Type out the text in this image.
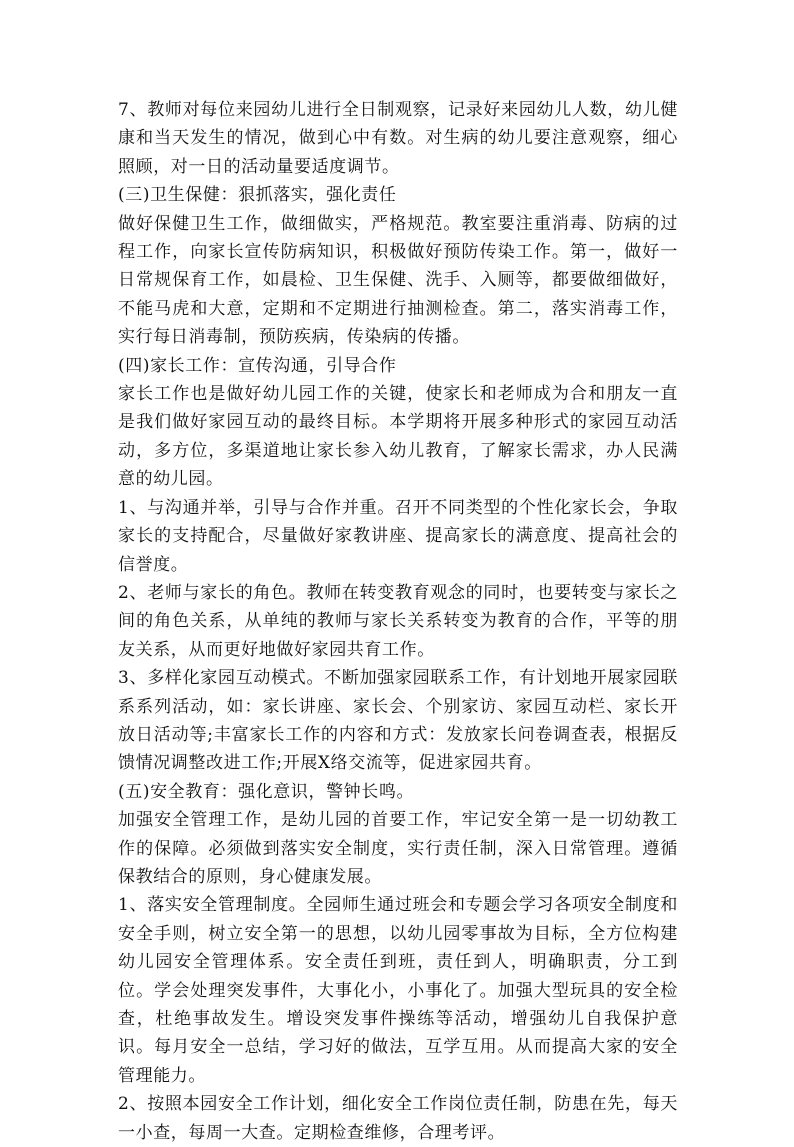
7、教师对每位来园幼儿进行全日制观察，记录好来园幼儿人数，幼儿健康和当天发生的情况，做到心中有数。对生病的幼儿要注意观察，细心照顾，对一日的活动量要适度调节。

(三)卫生保健：狠抓落实，强化责任

做好保健卫生工作，做细做实，严格规范。教室要注重消毒、防病的过程工作，向家长宣传防病知识，积极做好预防传染工作。第一，做好一日常规保育工作，如晨检、卫生保健、洗手、入厕等，都要做细做好，不能马虎和大意，定期和不定期进行抽测检查。第二，落实消毒工作，实行每日消毒制，预防疾病，传染病的传播。

(四)家长工作：宣传沟通，引导合作

家长工作也是做好幼儿园工作的关键，使家长和老师成为合和朋友一直是我们做好家园互动的最终目标。本学期将开展多种形式的家园互动活动，多方位，多渠道地让家长参入幼儿教育，了解家长需求，办人民满意的幼儿园。

1、与沟通并举，引导与合作并重。召开不同类型的个性化家长会，争取家长的支持配合，尽量做好家教讲座、提高家长的满意度、提高社会的信誉度。

2、老师与家长的角色。教师在转变教育观念的同时，也要转变与家长之间的角色关系，从单纯的教师与家长关系转变为教育的合作，平等的朋友关系，从而更好地做好家园共育工作。

3、多样化家园互动模式。不断加强家园联系工作，有计划地开展家园联系系列活动，如：家长讲座、家长会、个别家访、家园互动栏、家长开放日活动等;丰富家长工作的内容和方式：发放家长问卷调查表，根据反馈情况调整改进工作;开展X络交流等，促进家园共育。

(五)安全教育：强化意识，警钟长鸣。

加强安全管理工作，是幼儿园的首要工作，牢记安全第一是一切幼教工作的保障。必须做到落实安全制度，实行责任制，深入日常管理。遵循保教结合的原则，身心健康发展。

1、落实安全管理制度。全园师生通过班会和专题会学习各项安全制度和安全手则，树立安全第一的思想，以幼儿园零事故为目标，全方位构建幼儿园安全管理体系。安全责任到班，责任到人，明确职责，分工到位。学会处理突发事件，大事化小，小事化了。加强大型玩具的安全检查，杜绝事故发生。增设突发事件操练等活动，增强幼儿自我保护意识。每月安全一总结，学习好的做法，互学互用。从而提高大家的安全管理能力。

2、按照本园安全工作计划，细化安全工作岗位责任制，防患在先，每天一小查，每周一大查。定期检查维修，合理考评。
